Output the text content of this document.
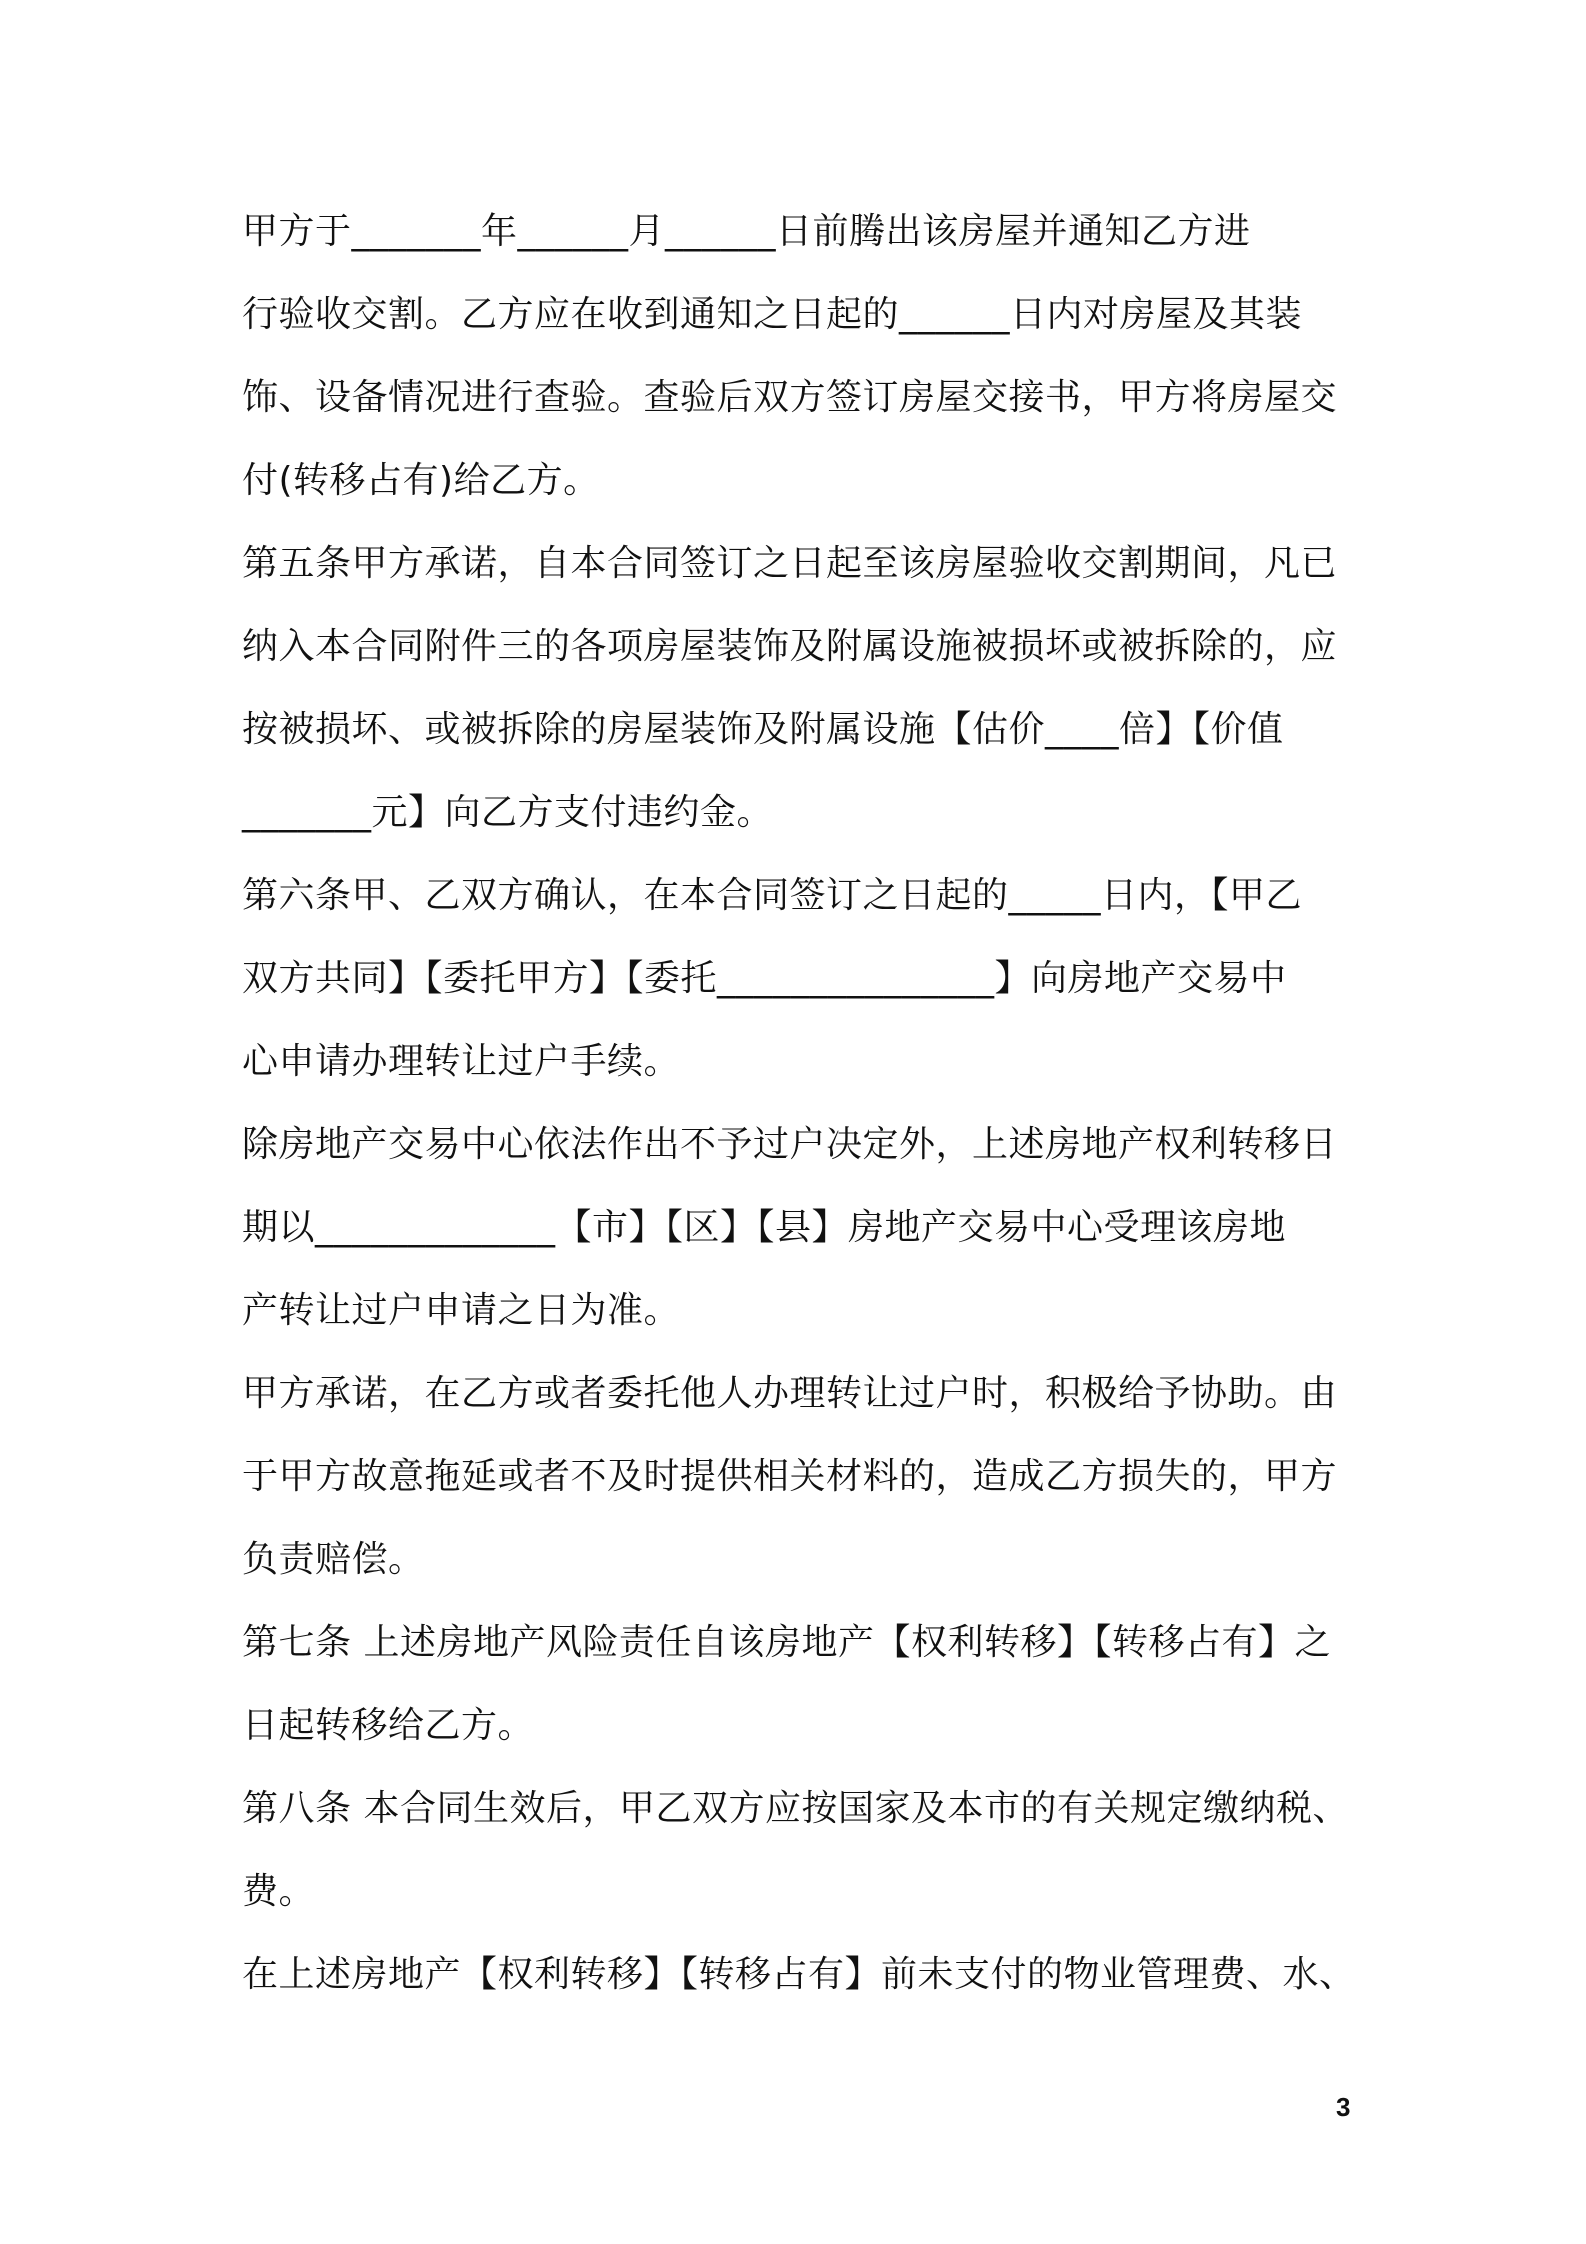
甲方于_______年______月______日前腾出该房屋并通知乙方进
行验收交割。乙方应在收到通知之日起的______日内对房屋及其装
饰、设备情况进行查验。查验后双方签订房屋交接书，甲方将房屋交
付(转移占有)给乙方。
第五条甲方承诺，自本合同签订之日起至该房屋验收交割期间，凡已
纳入本合同附件三的各项房屋装饰及附属设施被损坏或被拆除的，应
按被损坏、或被拆除的房屋装饰及附属设施【估价____倍】【价值
_______元】向乙方支付违约金。
第六条甲、乙双方确认，在本合同签订之日起的_____日内，【甲乙
双方共同】【委托甲方】【委托_______________】向房地产交易中
心申请办理转让过户手续。
除房地产交易中心依法作出不予过户决定外，上述房地产权利转移日
期以_____________【市】【区】【县】房地产交易中心受理该房地
产转让过户申请之日为准。
甲方承诺，在乙方或者委托他人办理转让过户时，积极给予协助。由
于甲方故意拖延或者不及时提供相关材料的，造成乙方损失的，甲方
负责赔偿。
第七条 上述房地产风险责任自该房地产【权利转移】【转移占有】之
日起转移给乙方。
第八条 本合同生效后，甲乙双方应按国家及本市的有关规定缴纳税、
费。
在上述房地产【权利转移】【转移占有】前未支付的物业管理费、水、
3
